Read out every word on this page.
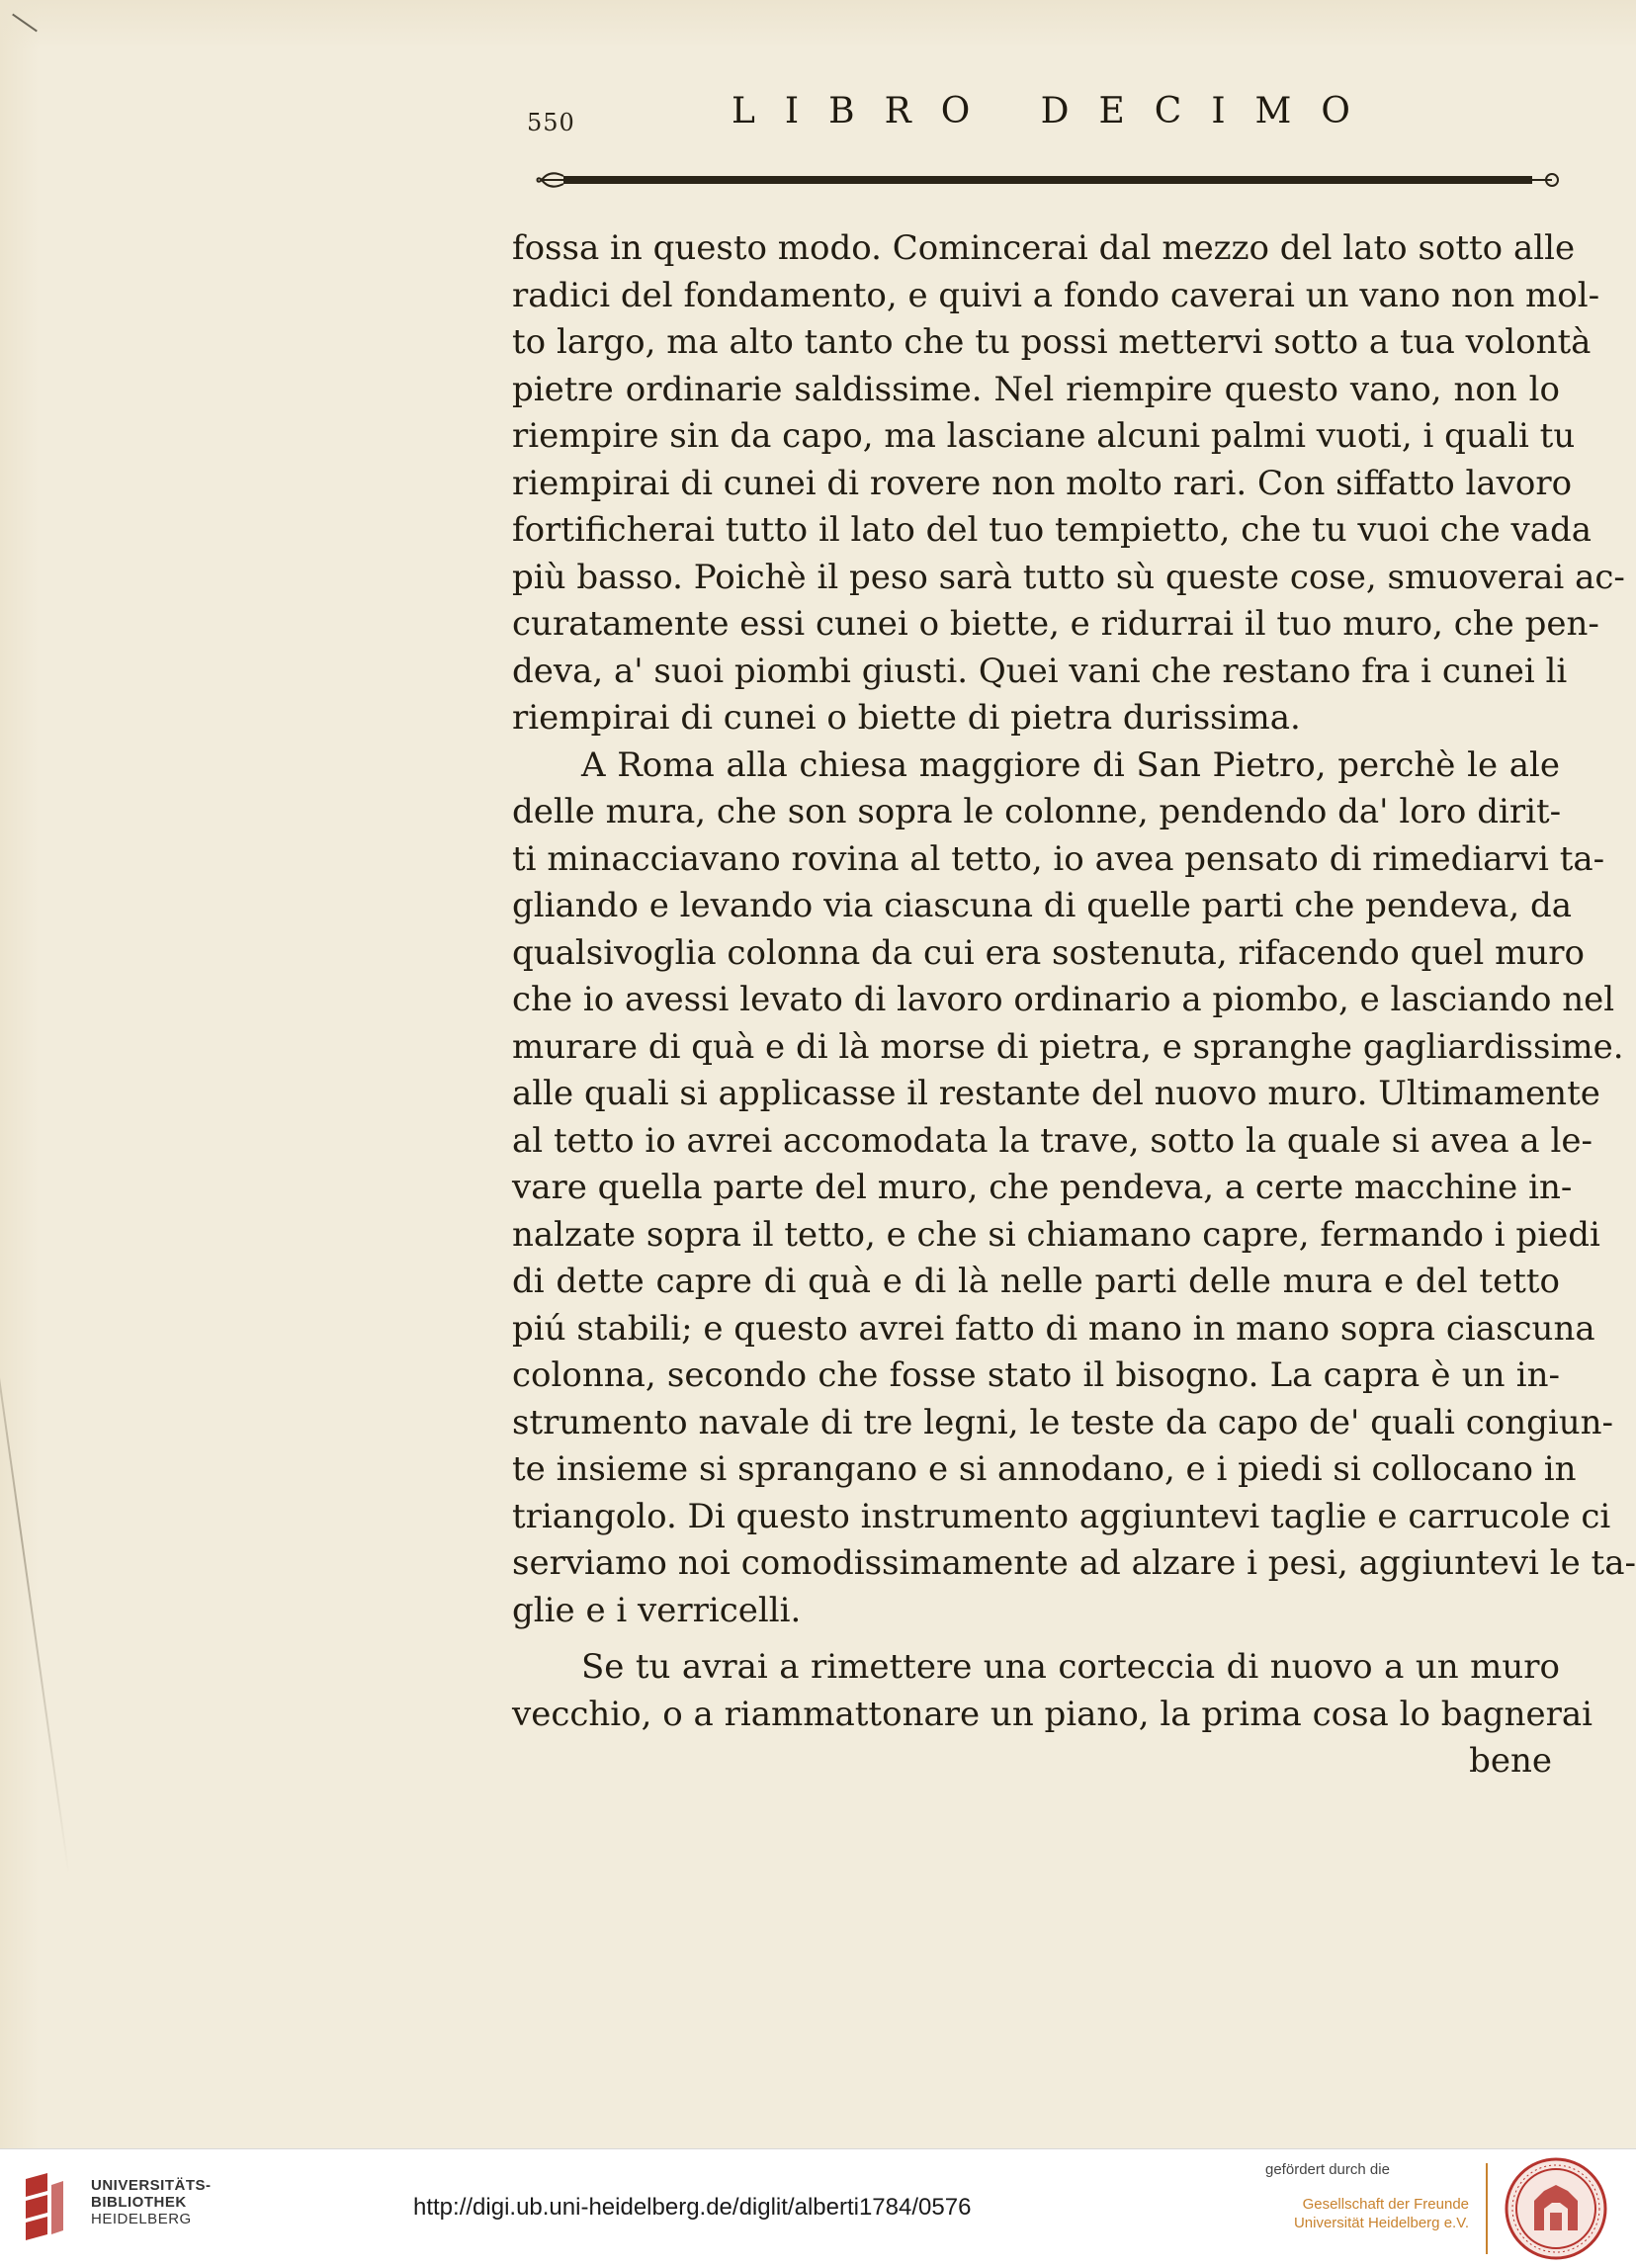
550	LIBRO DECIMO
fossa in questo modo. Comincerai dal mezzo del lato sotto alle
radici del fondamento, e quivi a fondo caverai un vano non mol-
to largo, ma alto tanto che tu possi mettervi sotto a tua volontà
pietre ordinarie saldissime. Nel riempire questo vano, non lo
riempire sin da capo, ma lasciane alcuni palmi vuoti, i quali tu
riempirai di cunei di rovere non molto rari. Con siffatto lavoro
fortificherai tutto il lato del tuo tempietto, che tu vuoi che vada
più basso. Poichè il peso sarà tutto sù queste cose, smuoverai ac-
curatamente essi cunei o biette, e ridurrai il tuo muro, che pen-
deva, a' suoi piombi giusti. Quei vani che restano fra i cunei li
riempirai di cunei o biette di pietra durissima.
A Roma alla chiesa maggiore di San Pietro, perchè le ale
delle mura, che son sopra le colonne, pendendo da' loro dirit-
ti minacciavano rovina al tetto, io avea pensato di rimediarvi ta-
gliando e levando via ciascuna di quelle parti che pendeva, da
qualsivoglia colonna da cui era sostenuta, rifacendo quel muro
che io avessi levato di lavoro ordinario a piombo, e lasciando nel
murare di quà e di là morse di pietra, e spranghe gagliardissime.
alle quali si applicasse il restante del nuovo muro. Ultimamente
al tetto io avrei accomodata la trave, sotto la quale si avea a le-
vare quella parte del muro, che pendeva, a certe macchine in-
nalzate sopra il tetto, e che si chiamano capre, fermando i piedi
di dette capre di quà e di là nelle parti delle mura e del tetto
piú stabili; e questo avrei fatto di mano in mano sopra ciascuna
colonna, secondo che fosse stato il bisogno. La capra è un in-
strumento navale di tre legni, le teste da capo de' quali congiun-
te insieme si sprangano e si annodano, e i piedi si collocano in
triangolo. Di questo instrumento aggiuntevi taglie e carrucole ci
serviamo noi comodissimamente ad alzare i pesi, aggiuntevi le ta-
glie e i verricelli.
Se tu avrai a rimettere una corteccia di nuovo a un muro
vecchio, o a riammattonare un piano, la prima cosa lo bagnerai
bene
UNIVERSITÄTS-
BIBLIOTHEK
HEIDELBERG	http://digi.ub.uni-heidelberg.de/diglit/alberti1784/0576
gefördert durch die
Gesellschaft der Freunde
Universität Heidelberg e.V.
